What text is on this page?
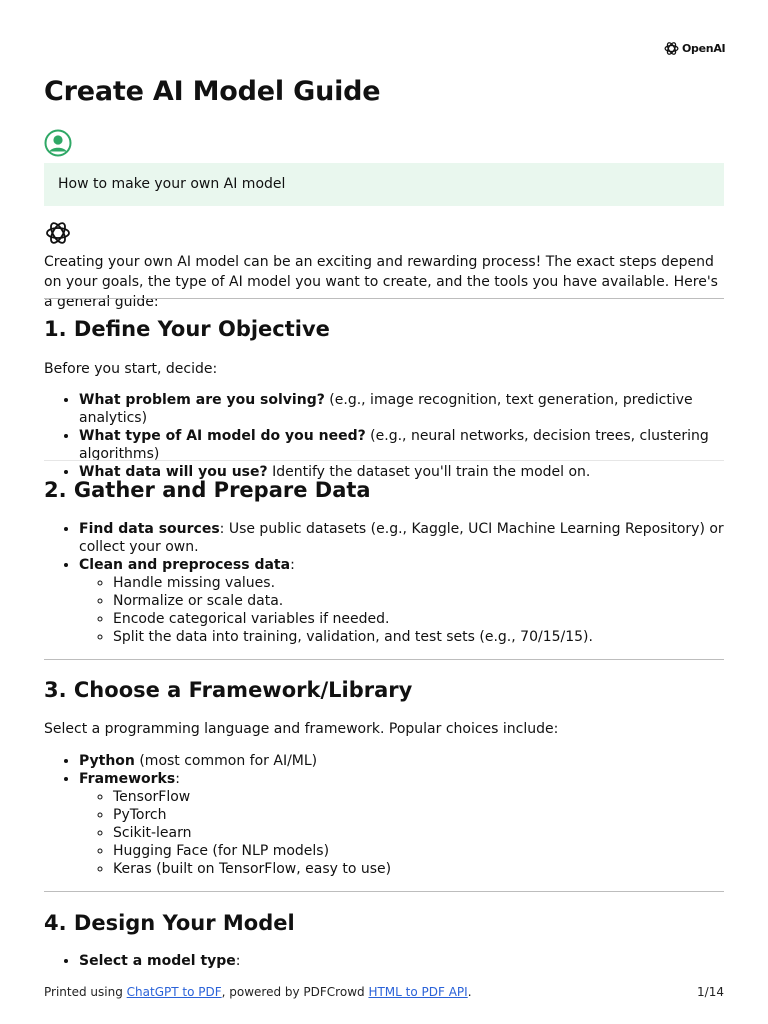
OpenAI
Create AI Model Guide
How to make your own AI model

Creating your own AI model can be an exciting and rewarding process! The exact steps depend on your goals, the type of AI model you want to create, and the tools you have available. Here's a general guide:

1. Define Your Objective

Before you start, decide:

• What problem are you solving? (e.g., image recognition, text generation, predictive analytics)
• What type of AI model do you need? (e.g., neural networks, decision trees, clustering algorithms)
• What data will you use? Identify the dataset you'll train the model on.
2. Gather and Prepare Data
• Find data sources: Use public datasets (e.g., Kaggle, UCI Machine Learning Repository) or collect your own.
• Clean and preprocess data:
◦ Handle missing values.
◦ Normalize or scale data.
◦ Encode categorical variables if needed.
◦ Split the data into training, validation, and test sets (e.g., 70/15/15).
3. Choose a Framework/Library

Select a programming language and framework. Popular choices include:

• Python (most common for AI/ML)
• Frameworks:
◦ TensorFlow
◦ PyTorch
◦ Scikit-learn
◦ Hugging Face (for NLP models)
◦ Keras (built on TensorFlow, easy to use)
4. Design Your Model
• Select a model type:
Printed using ChatGPT to PDF, powered by PDFCrowd HTML to PDF API.	1/14
